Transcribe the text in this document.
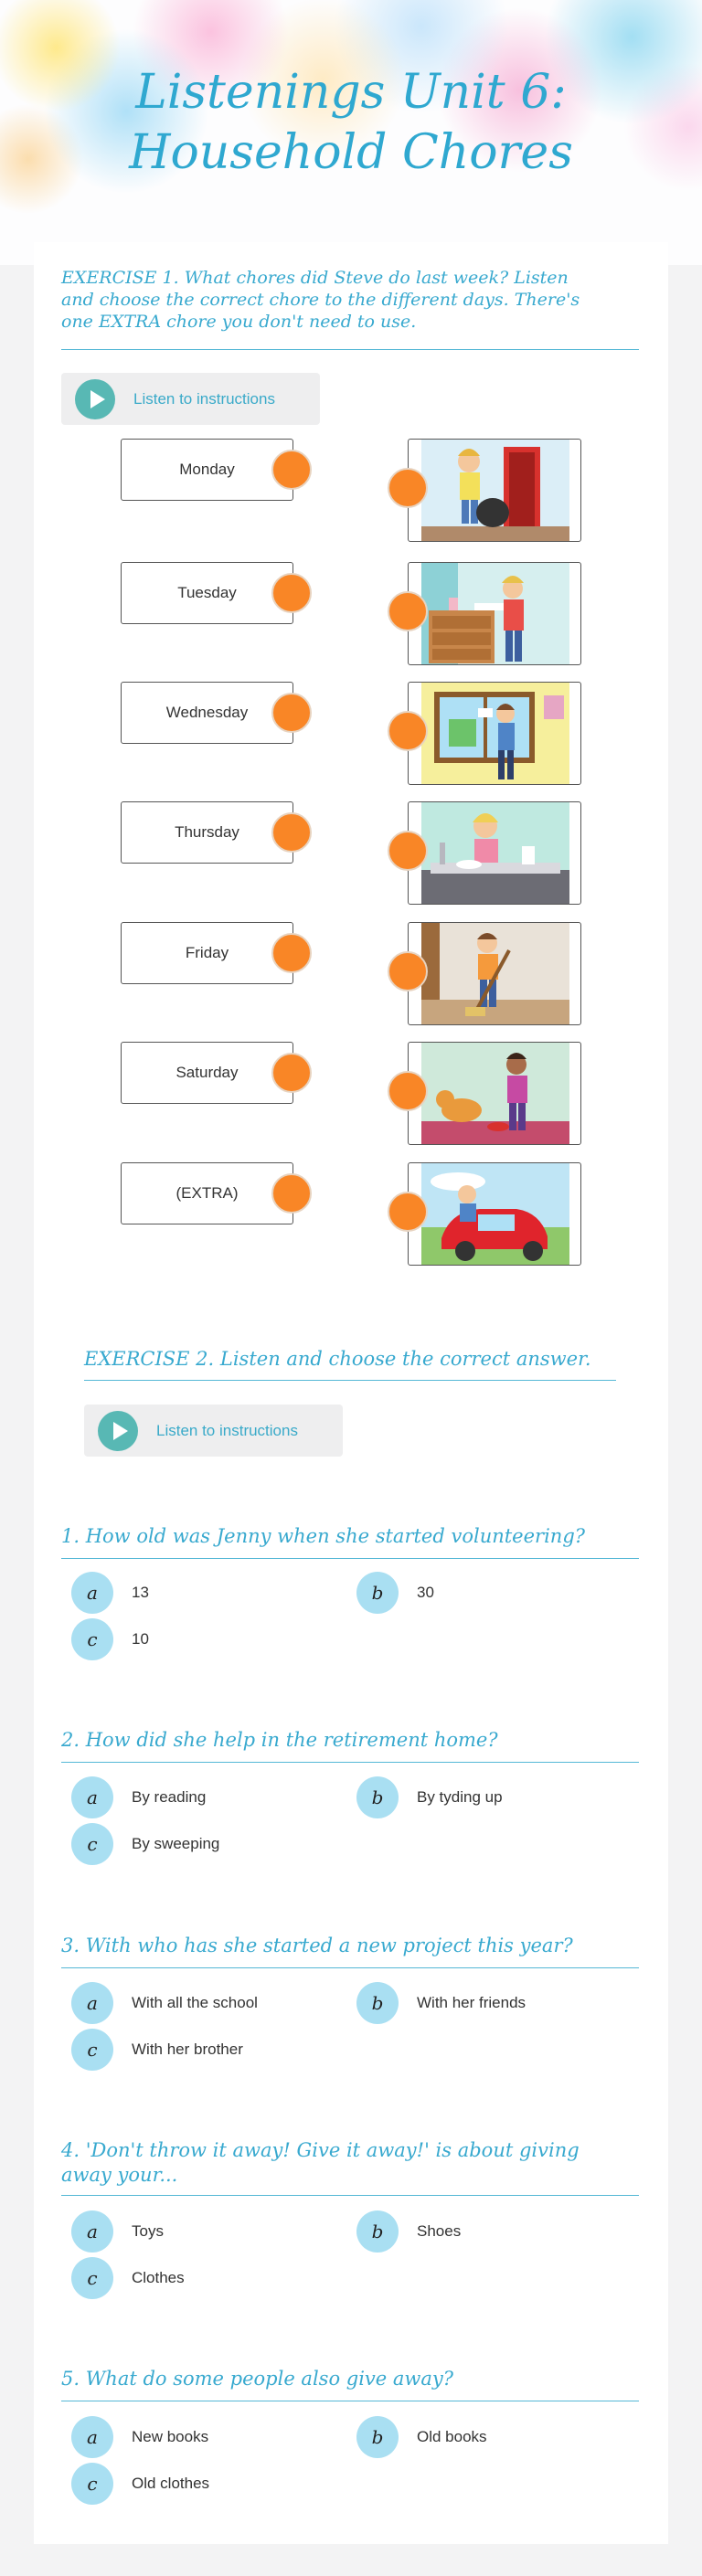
Listenings Unit 6:
Household Chores
EXERCISE 1. What chores did Steve do last week? Listen
and choose the correct chore to the different days. There's
one EXTRA chore you don't need to use.
Listen to instructions
Monday
Tuesday
Wednesday
Thursday
Friday
Saturday
(EXTRA)
EXERCISE 2. Listen and choose the correct answer.
Listen to instructions
1. How old was Jenny when she started volunteering?
a 13	b 30
c 10
2. How did she help in the retirement home?
a By reading	b By tyding up
c By sweeping
3. With who has she started a new project this year?
a With all the school	b With her friends
c With her brother
4. 'Don't throw it away! Give it away!' is about giving
away your...
a Toys	b Shoes
c Clothes
5. What do some people also give away?
a New books	b Old books
c Old clothes
